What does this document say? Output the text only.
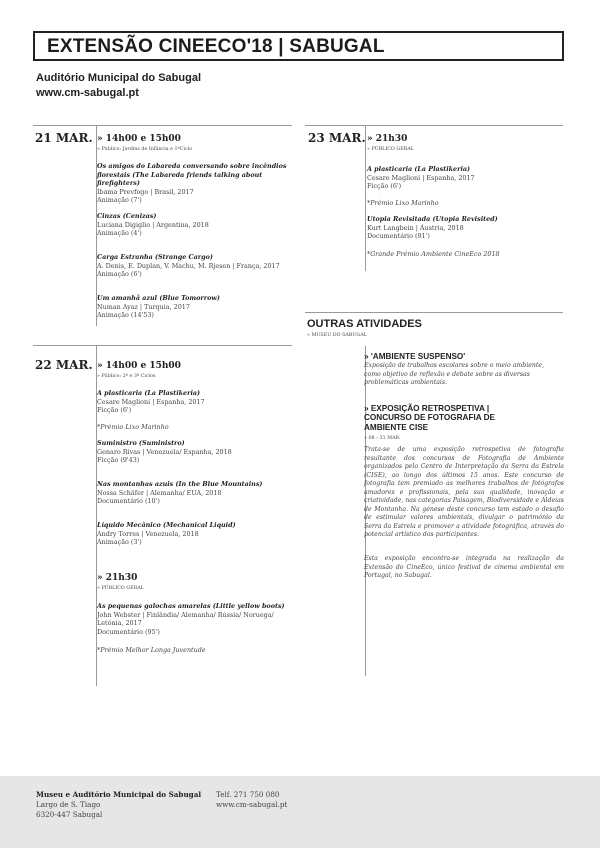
EXTENSÃO CINEECO'18 | SABUGAL
Auditório Municipal do Sabugal
www.cm-sabugal.pt
21 MAR. » 14h00 e 15h00
» Público: Jardins de Infância e 1ºCiclo
Os amigos do Labareda conversando sobre incêndios florestais (The Labareda friends talking about firefighters)
Ibama Prevfogo | Brasil, 2017
Animação (7')
Cinzas (Cenizas)
Luciana Digiglio | Argentina, 2018
Animação (4')
Carga Estranha (Strange Cargo)
A. Denis, E. Duplan, V. Machu, M. Rjesen | França, 2017
Animação (6')
Um amanhã azul (Blue Tomorrow)
Numan Ayaz | Turquia, 2017
Animação (14'53)
22 MAR. » 14h00 e 15h00
» Público: 2º e 3º Ciclos
A plasticaria (La Plastikeria)
Cesare Maglioni | Espanha, 2017
Ficção (6')
*Prémio Lixo Marinho
Suministro (Suministro)
Genaro Rivas | Venezuela/ Espanha, 2018
Ficção (9'43)
Nas montanhas azuis (In the Blue Mountains)
Nossa Schäfer | Alemanha/ EUA, 2018
Documentário (10')
Líquido Mecânico (Mechanical Liquid)
Andry Torres | Venezuela, 2018
Animação (3')
» 21h30
» PÚBLICO GERAL
As pequenas galochas amarelas (Little yellow boots)
John Webster | Finlândia/ Alemanha/ Rússia/ Noruega/
Letónia, 2017
Documentário (95')
*Prémio Melhor Longa Juventude
23 MAR. » 21h30
» PÚBLICO GERAL
A plasticaria (La Plastikeria)
Cesare Maglioni | Espanha, 2017
Ficção (6')
*Prémio Lixo Marinho
Utopia Revisitada (Utopia Revisited)
Kurt Langbein | Áustria, 2018
Documentário (91')
*Grande Prémio Ambiente CineEco 2018
OUTRAS ATIVIDADES
» MUSEU DO SABUGAL
» 'AMBIENTE SUSPENSO'
Exposição de trabalhos escolares sobre o meio ambiente,
como objetivo de reflexão e debate sobre as diversas
problemáticas ambientais.
» EXPOSIÇÃO RETROSPETIVA |
CONCURSO DE FOTOGRAFIA DE
AMBIENTE CISE
» 08 › 31 MAR.
Trata-se de uma exposição retrospetiva de fotografia resultante dos concursos de Fotografia de Ambiente organizados pelo Centro de Interpretação da Serra da Estrela (CISE), ao longo dos últimos 15 anos. Este concurso de fotografia tem premiado as melhores trabalhos de fotógrafos amadores e profissionais, pela sua qualidade, inovação e criatividade, nas categorias Paisagem, Biodiversidade e Aldeias de Montanha. Na génese deste concurso tem estado o desafio de estimular valores ambientais, divulgar o património da Serra da Estrela e promover a atividade fotográfica, através do potencial artístico dos participantes.
Esta exposição encontra-se integrada na realização da Extensão do CineEco, único festival de cinema ambiental em Portugal, no Sabugal.
Museu e Auditório Municipal do Sabugal
Largo de S. Tiago
6320-447 Sabugal
Telf. 271 750 080
www.cm-sabugal.pt
